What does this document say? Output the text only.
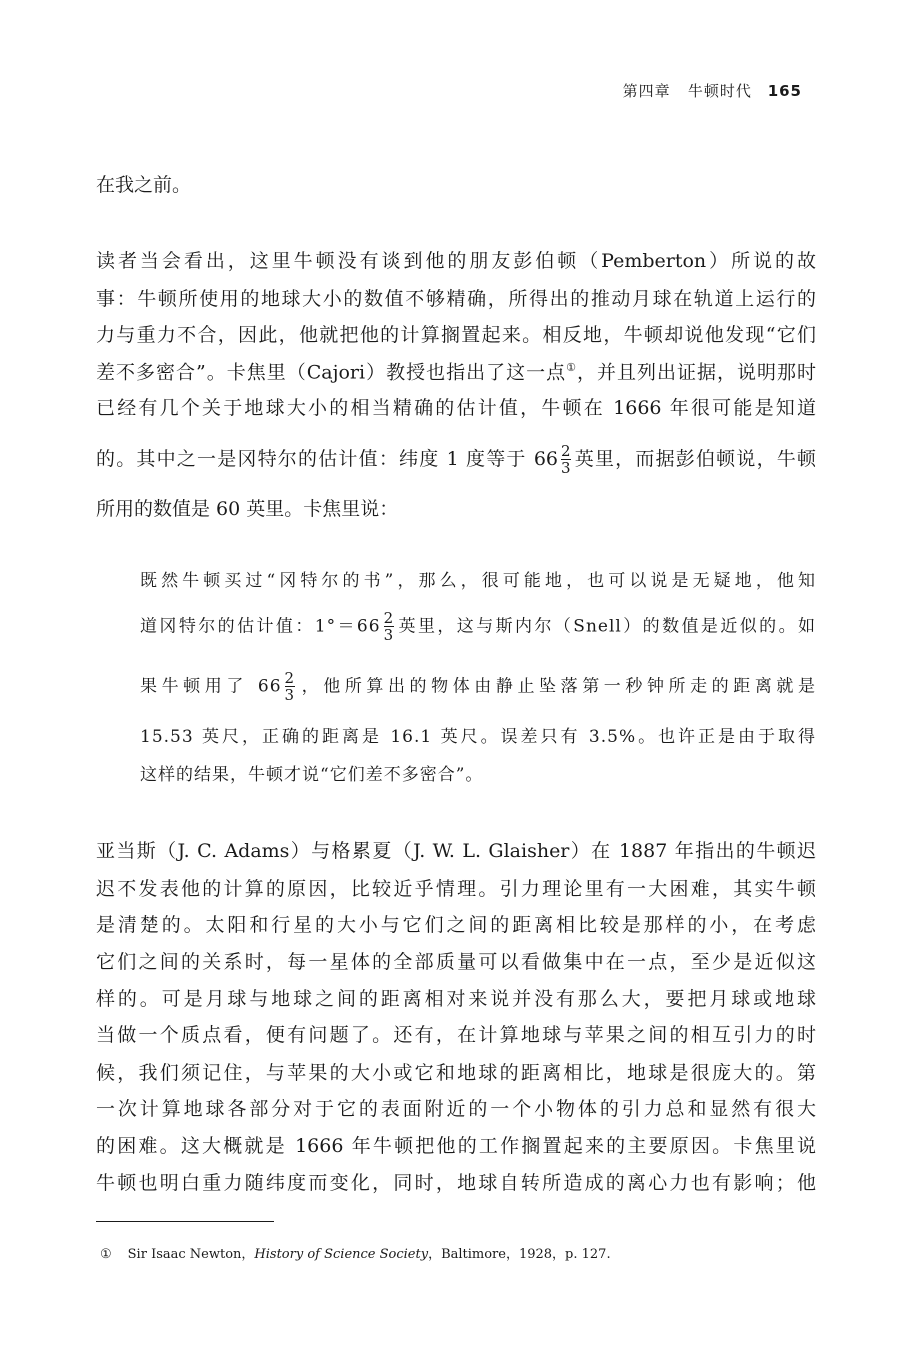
第四章 牛顿时代 165
在我之前。
读者当会看出，这里牛顿没有谈到他的朋友彭伯顿（Pemberton）所说的故
事：牛顿所使用的地球大小的数值不够精确，所得出的推动月球在轨道上运行的
力与重力不合，因此，他就把他的计算搁置起来。相反地，牛顿却说他发现“它们
差不多密合”。卡焦里（Cajori）教授也指出了这一点①，并且列出证据，说明那时
已经有几个关于地球大小的相当精确的估计值，牛顿在 1666 年很可能是知道
的。其中之一是冈特尔的估计值：纬度 1 度等于 $66 \frac{2}{3}$ 英里，而据彭伯顿说，牛顿
所用的数值是 60 英里。卡焦里说：
既然牛顿买过“冈特尔的书”，那么，很可能地，也可以说是无疑地，他知
道冈特尔的估计值：$1^\circ=66 \frac{2}{3}$ 英里，这与斯内尔（Snell）的数值是近似的。如
果牛顿用了 $66 \frac{2}{3}$ ，他所算出的物体由静止坠落第一秒钟所走的距离就是
15.53 英尺，正确的距离是 16.1 英尺。误差只有 3.5%。也许正是由于取得
这样的结果，牛顿才说“它们差不多密合”。
亚当斯（J. C. Adams）与格累夏（J. W. L. Glaisher）在 1887 年指出的牛顿迟
迟不发表他的计算的原因，比较近乎情理。引力理论里有一大困难，其实牛顿
是清楚的。太阳和行星的大小与它们之间的距离相比较是那样的小，在考虑
它们之间的关系时，每一星体的全部质量可以看做集中在一点，至少是近似这
样的。可是月球与地球之间的距离相对来说并没有那么大，要把月球或地球
当做一个质点看，便有问题了。还有，在计算地球与苹果之间的相互引力的时
候，我们须记住，与苹果的大小或它和地球的距离相比，地球是很庞大的。第
一次计算地球各部分对于它的表面附近的一个小物体的引力总和显然有很大
的困难。这大概就是 1666 年牛顿把他的工作搁置起来的主要原因。卡焦里说
牛顿也明白重力随纬度而变化，同时，地球自转所造成的离心力也有影响；他
① Sir Isaac Newton，History of Science Society，Baltimore，1928，p. 127.
